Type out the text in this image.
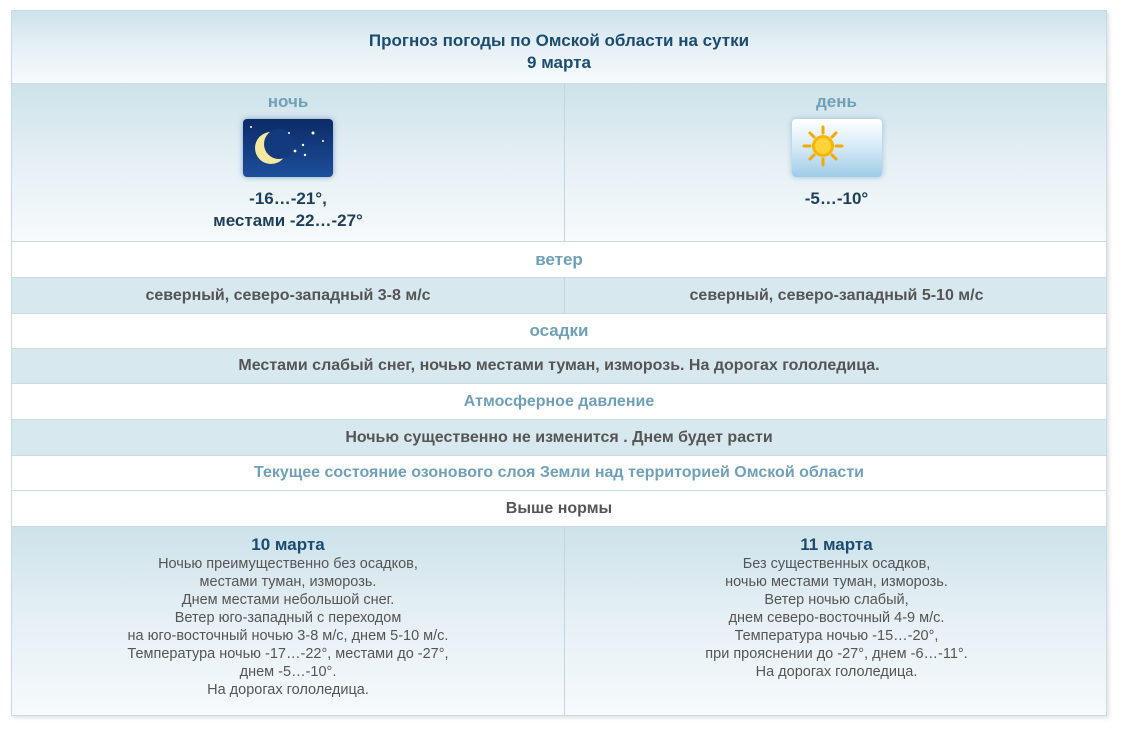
Прогноз погоды по Омской области на сутки
9 марта
ночь
-16…-21°,
местами -22…-27°
день
-5…-10°
ветер
северный, северо-западный 3-8 м/с	северный, северо-западный 5-10 м/с
осадки
Местами слабый снег, ночью местами туман, изморозь. На дорогах гололедица.
Атмосферное давление
Ночью существенно не изменится . Днем будет расти
Текущее состояние озонового слоя Земли над территорией Омской области
Выше нормы
10 марта
Ночью преимущественно без осадков,
местами туман, изморозь.
Днем местами небольшой снег.
Ветер юго-западный с переходом
на юго-восточный ночью 3-8 м/с, днем 5-10 м/с.
Температура ночью -17…-22°, местами до -27°,
днем -5…-10°.
На дорогах гололедица.
11 марта
Без существенных осадков,
ночью местами туман, изморозь.
Ветер ночью слабый,
днем северо-восточный 4-9 м/с.
Температура ночью -15…-20°,
при прояснении до -27°, днем -6…-11°.
На дорогах гололедица.
